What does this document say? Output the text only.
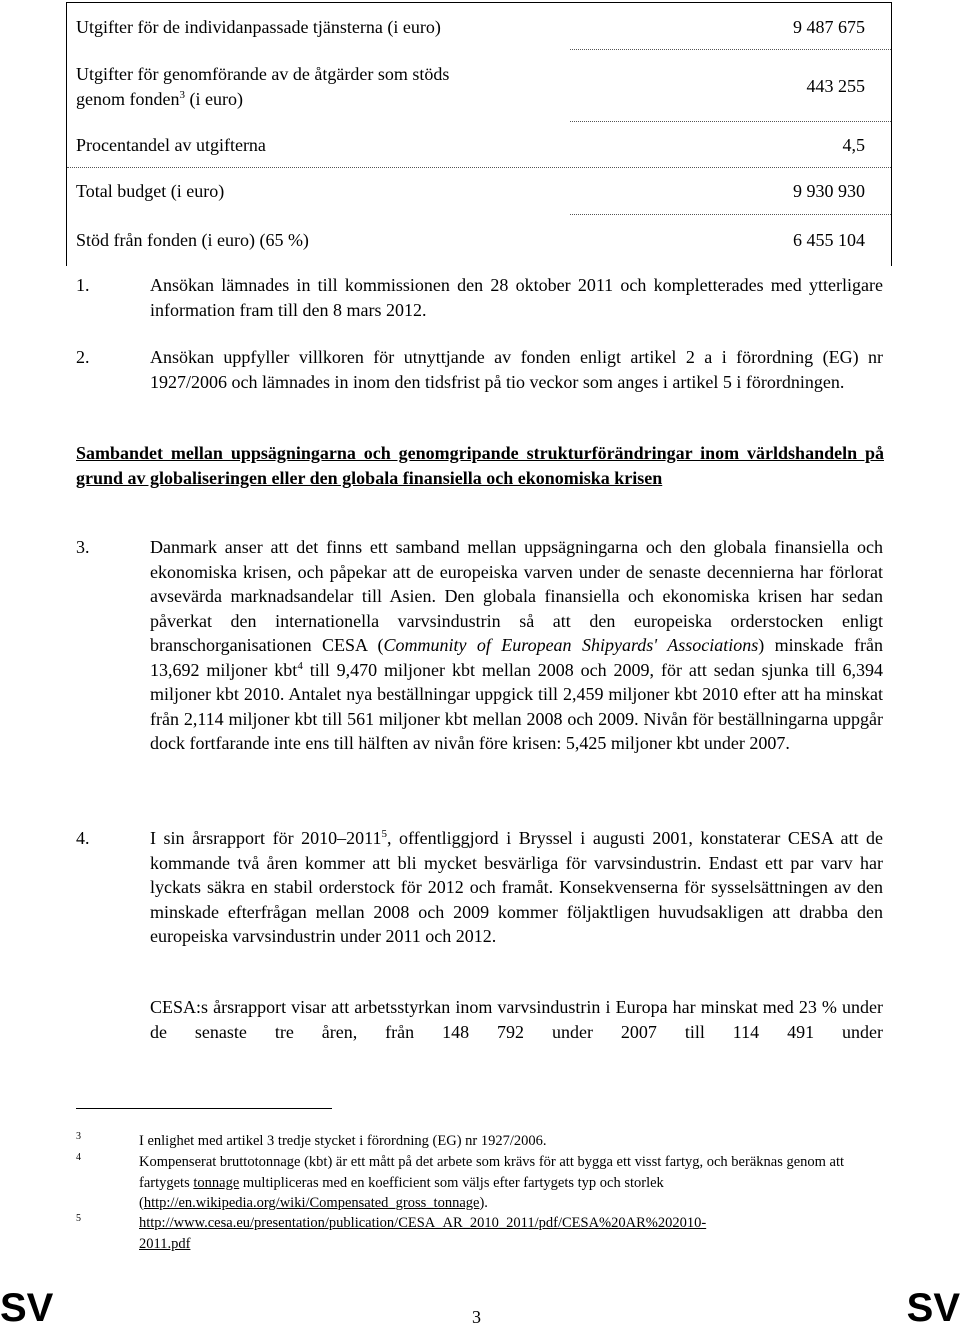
Utgifter för de individanpassade tjänsterna (i euro)	9 487 675
Utgifter för genomförande av de åtgärder som stöds
genom fonden$^3$ (i euro)
443 255
Procentandel av utgifterna	4,5
Total budget (i euro)	9 930 930
Stöd från fonden (i euro) (65 %)	6 455 104
1.	Ansökan lämnades in till kommissionen den 28 oktober 2011 och kompletterades med ytterligare information fram till den 8 mars 2012.
2.	Ansökan uppfyller villkoren för utnyttjande av fonden enligt artikel 2 a i förordning (EG) nr 1927/2006 och lämnades in inom den tidsfrist på tio veckor som anges i artikel 5 i förordningen.
Sambandet mellan uppsägningarna och genomgripande strukturförändringar inom världshandeln på grund av globaliseringen eller den globala finansiella och ekonomiska krisen
3.	Danmark anser att det finns ett samband mellan uppsägningarna och den globala finansiella och ekonomiska krisen, och påpekar att de europeiska varven under de senaste decennierna har förlorat avsevärda marknadsandelar till Asien. Den globala finansiella och ekonomiska krisen har sedan påverkat den internationella varvsindustrin så att den europeiska orderstocken enligt branschorganisationen CESA (Community of European Shipyards' Associations) minskade från 13,692 miljoner kbt$^4$ till 9,470 miljoner kbt mellan 2008 och 2009, för att sedan sjunka till 6,394 miljoner kbt 2010. Antalet nya beställningar uppgick till 2,459 miljoner kbt 2010 efter att ha minskat från 2,114 miljoner kbt till 561 miljoner kbt mellan 2008 och 2009. Nivån för beställningarna uppgår dock fortfarande inte ens till hälften av nivån före krisen: 5,425 miljoner kbt under 2007.
4.	I sin årsrapport för 2010–2011$^5$, offentliggjord i Bryssel i augusti 2001, konstaterar CESA att de kommande två åren kommer att bli mycket besvärliga för varvsindustrin. Endast ett par varv har lyckats säkra en stabil orderstock för 2012 och framåt. Konsekvenserna för sysselsättningen av den minskade efterfrågan mellan 2008 och 2009 kommer följaktligen huvudsakligen att drabba den europeiska varvsindustrin under 2011 och 2012.
CESA:s årsrapport visar att arbetsstyrkan inom varvsindustrin i Europa har minskat med 23 % under de senaste tre åren, från 148 792 under 2007 till 114 491 under
3	I enlighet med artikel 3 tredje stycket i förordning (EG) nr 1927/2006.
4	Kompenserat bruttotonnage (kbt) är ett mått på det arbete som krävs för att bygga ett visst fartyg, och beräknas genom att fartygets tonnage multipliceras med en koefficient som väljs efter fartygets typ och storlek (http://en.wikipedia.org/wiki/Compensated_gross_tonnage).
5	http://www.cesa.eu/presentation/publication/CESA_AR_2010_2011/pdf/CESA%20AR%202010-
2011.pdf
SV	3	SV
